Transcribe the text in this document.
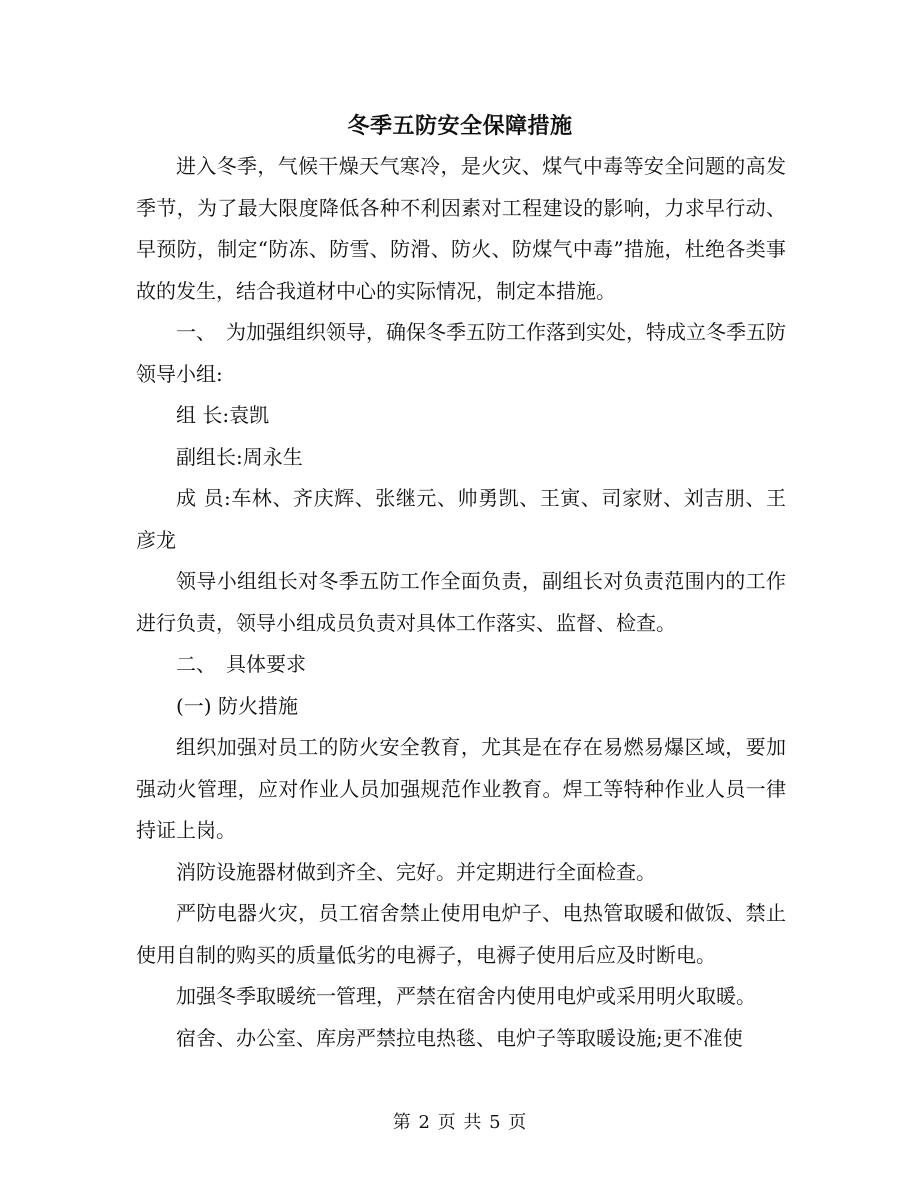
冬季五防安全保障措施

进入冬季，气候干燥天气寒冷，是火灾、煤气中毒等安全问题的高发季节，为了最大限度降低各种不利因素对工程建设的影响，力求早行动、早预防，制定“防冻、防雪、防滑、防火、防煤气中毒”措施，杜绝各类事故的发生，结合我道材中心的实际情况，制定本措施。

一、　为加强组织领导，确保冬季五防工作落到实处，特成立冬季五防领导小组:

组 长:袁凯

副组长:周永生

成 员:车林、齐庆辉、张继元、帅勇凯、王寅、司家财、刘吉朋、王彦龙

领导小组组长对冬季五防工作全面负责，副组长对负责范围内的工作进行负责，领导小组成员负责对具体工作落实、监督、检查。

二、　具体要求

(一) 防火措施

组织加强对员工的防火安全教育，尤其是在存在易燃易爆区域，要加强动火管理，应对作业人员加强规范作业教育。焊工等特种作业人员一律持证上岗。

消防设施器材做到齐全、完好。并定期进行全面检查。

严防电器火灾，员工宿舍禁止使用电炉子、电热管取暖和做饭、禁止使用自制的购买的质量低劣的电褥子，电褥子使用后应及时断电。

加强冬季取暖统一管理，严禁在宿舍内使用电炉或采用明火取暖。

宿舍、办公室、库房严禁拉电热毯、电炉子等取暖设施;更不准使

第 2 页 共 5 页
